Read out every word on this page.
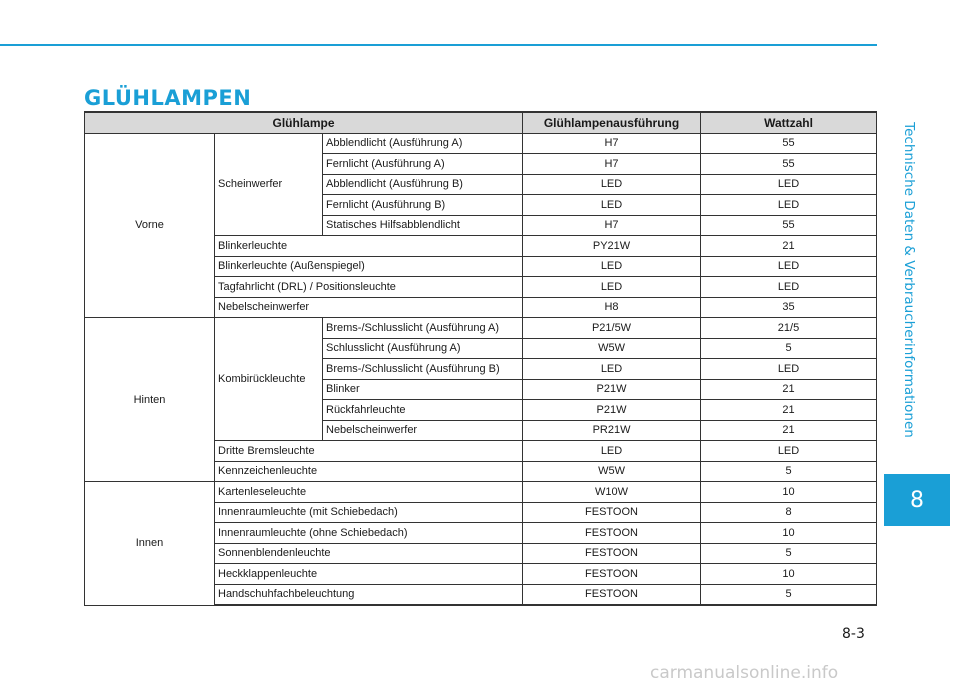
GLÜHLAMPEN
Technische Daten & Verbraucherinformationen
8
8-3
carmanualsonline.info
Glühlampe			Glühlampenausführung	Wattzahl
Vorne	Scheinwerfer	Abblendlicht (Ausführung A)	H7	55
		Fernlicht (Ausführung A)	H7	55
		Abblendlicht (Ausführung B)	LED	LED
		Fernlicht (Ausführung B)	LED	LED
		Statisches Hilfsabblendlicht	H7	55
	Blinkerleuchte		PY21W	21
	Blinkerleuchte (Außenspiegel)		LED	LED
	Tagfahrlicht (DRL) / Positionsleuchte		LED	LED
	Nebelscheinwerfer		H8	35
Hinten	Kombirückleuchte	Brems-/Schlusslicht (Ausführung A)	P21/5W	21/5
		Schlusslicht (Ausführung A)	W5W	5
		Brems-/Schlusslicht (Ausführung B)	LED	LED
		Blinker	P21W	21
		Rückfahrleuchte	P21W	21
		Nebelscheinwerfer	PR21W	21
	Dritte Bremsleuchte		LED	LED
	Kennzeichenleuchte		W5W	5
Innen	Kartenleseleuchte		W10W	10
	Innenraumleuchte (mit Schiebedach)		FESTOON	8
	Innenraumleuchte (ohne Schiebedach)		FESTOON	10
	Sonnenblendenleuchte		FESTOON	5
	Heckklappenleuchte		FESTOON	10
	Handschuhfachbeleuchtung		FESTOON	5
